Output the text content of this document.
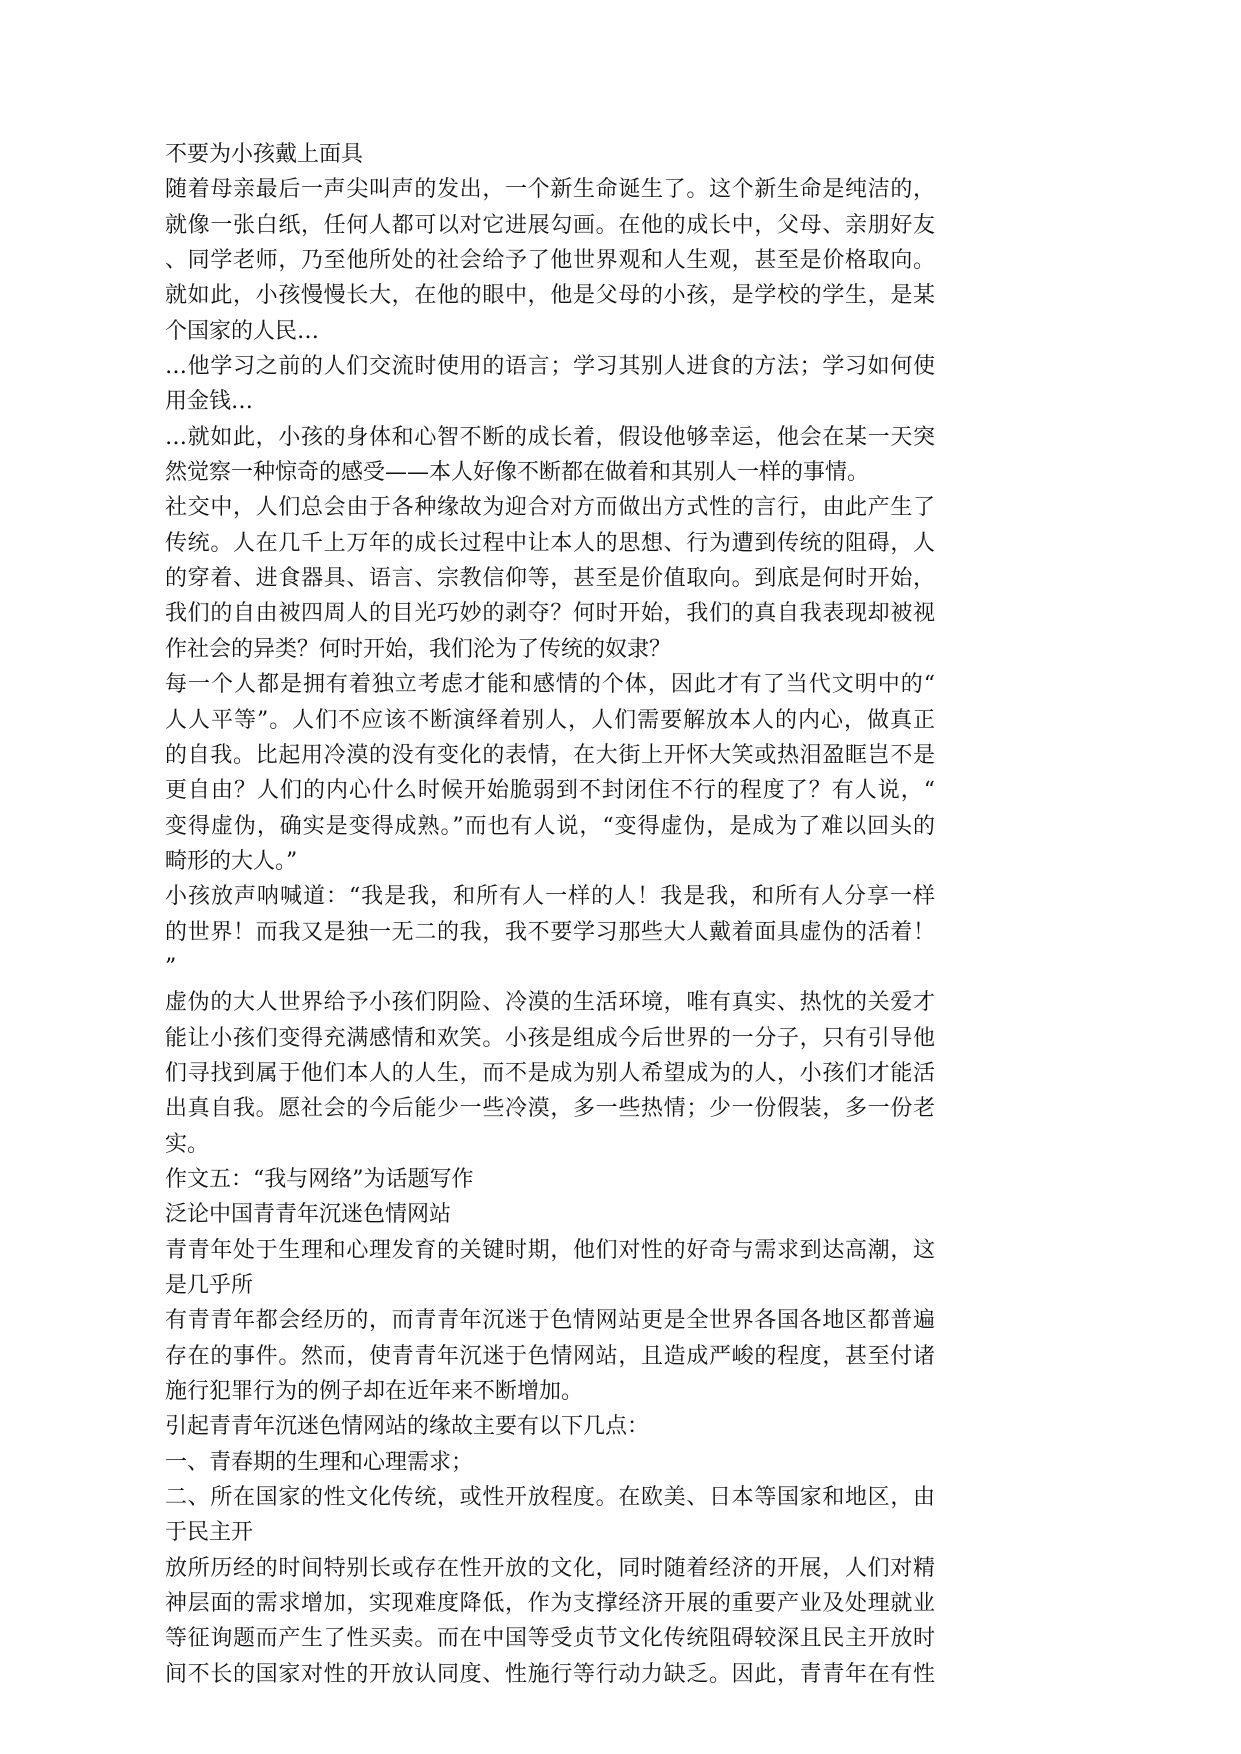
不要为小孩戴上面具
随着母亲最后一声尖叫声的发出，一个新生命诞生了。这个新生命是纯洁的，
就像一张白纸，任何人都可以对它进展勾画。在他的成长中，父母、亲朋好友
、同学老师，乃至他所处的社会给予了他世界观和人生观，甚至是价格取向。
就如此，小孩慢慢长大，在他的眼中，他是父母的小孩，是学校的学生，是某
个国家的人民…
…他学习之前的人们交流时使用的语言；学习其别人进食的方法；学习如何使
用金钱…
…就如此，小孩的身体和心智不断的成长着，假设他够幸运，他会在某一天突
然觉察一种惊奇的感受——本人好像不断都在做着和其别人一样的事情。
社交中，人们总会由于各种缘故为迎合对方而做出方式性的言行，由此产生了
传统。人在几千上万年的成长过程中让本人的思想、行为遭到传统的阻碍，人
的穿着、进食器具、语言、宗教信仰等，甚至是价值取向。到底是何时开始，
我们的自由被四周人的目光巧妙的剥夺？何时开始，我们的真自我表现却被视
作社会的异类？何时开始，我们沦为了传统的奴隶？
每一个人都是拥有着独立考虑才能和感情的个体，因此才有了当代文明中的“
人人平等”。人们不应该不断演绎着别人，人们需要解放本人的内心，做真正
的自我。比起用冷漠的没有变化的表情，在大街上开怀大笑或热泪盈眶岂不是
更自由？人们的内心什么时候开始脆弱到不封闭住不行的程度了？有人说，“
变得虚伪，确实是变得成熟。”而也有人说，“变得虚伪，是成为了难以回头的
畸形的大人。”
小孩放声呐喊道：“我是我，和所有人一样的人！我是我，和所有人分享一样
的世界！而我又是独一无二的我，我不要学习那些大人戴着面具虚伪的活着！
”
虚伪的大人世界给予小孩们阴险、冷漠的生活环境，唯有真实、热忱的关爱才
能让小孩们变得充满感情和欢笑。小孩是组成今后世界的一分子，只有引导他
们寻找到属于他们本人的人生，而不是成为别人希望成为的人，小孩们才能活
出真自我。愿社会的今后能少一些冷漠，多一些热情；少一份假装，多一份老
实。
作文五：“我与网络”为话题写作
泛论中国青青年沉迷色情网站
青青年处于生理和心理发育的关键时期，他们对性的好奇与需求到达高潮，这
是几乎所
有青青年都会经历的，而青青年沉迷于色情网站更是全世界各国各地区都普遍
存在的事件。然而，使青青年沉迷于色情网站，且造成严峻的程度，甚至付诸
施行犯罪行为的例子却在近年来不断增加。
引起青青年沉迷色情网站的缘故主要有以下几点：
一、青春期的生理和心理需求；
二、所在国家的性文化传统，或性开放程度。在欧美、日本等国家和地区，由
于民主开
放所历经的时间特别长或存在性开放的文化，同时随着经济的开展，人们对精
神层面的需求增加，实现难度降低，作为支撑经济开展的重要产业及处理就业
等征询题而产生了性买卖。而在中国等受贞节文化传统阻碍较深且民主开放时
间不长的国家对性的开放认同度、性施行等行动力缺乏。因此，青青年在有性
